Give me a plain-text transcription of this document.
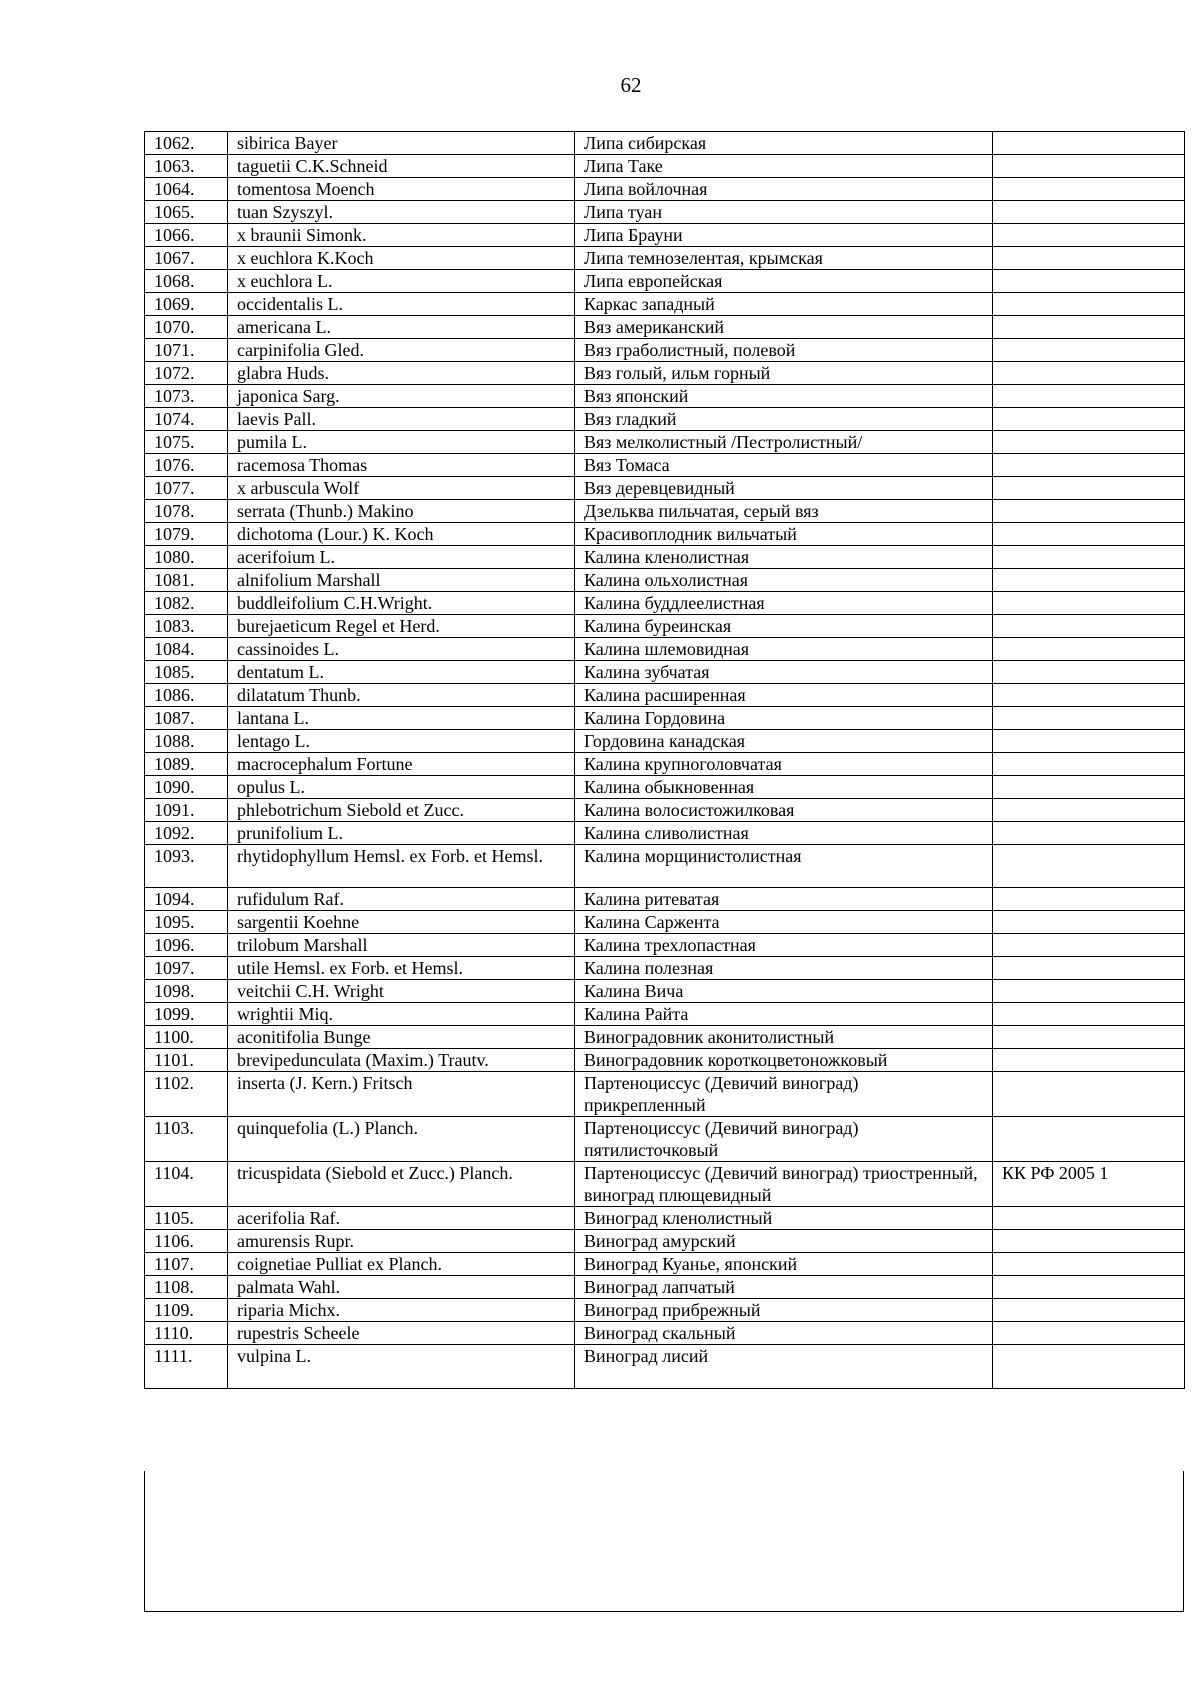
62
1062.	sibirica Bayer	Липа сибирская	
1063.	taguetii C.K.Schneid	Липа Таке	
1064.	tomentosa Moench	Липа войлочная	
1065.	tuan Szyszyl.	Липа туан	
1066.	x braunii Simonk.	Липа Брауни	
1067.	x euchlora K.Koch	Липа темнозелентая, крымская	
1068.	x euchlora L.	Липа европейская	
1069.	occidentalis L.	Каркас западный	
1070.	americana L.	Вяз американский	
1071.	carpinifolia Gled.	Вяз граболистный, полевой	
1072.	glabra Huds.	Вяз голый, ильм горный	
1073.	japonica Sarg.	Вяз японский	
1074.	laevis Pall.	Вяз гладкий	
1075.	pumila L.	Вяз мелколистный /Пестролистный/	
1076.	racemosa Thomas	Вяз Томаса	
1077.	x arbuscula Wolf	Вяз деревцевидный	
1078.	serrata (Thunb.) Makino	Дзельква пильчатая, серый вяз	
1079.	dichotoma (Lour.) K. Koch	Красивоплодник вильчатый	
1080.	acerifoium L.	Калина кленолистная	
1081.	alnifolium Marshall	Калина ольхолистная	
1082.	buddleifolium C.H.Wright.	Калина буддлеелистная	
1083.	burejaeticum Regel et Herd.	Калина буреинская	
1084.	cassinoides L.	Калина шлемовидная	
1085.	dentatum L.	Калина зубчатая	
1086.	dilatatum Thunb.	Калина расширенная	
1087.	lantana L.	Калина Гордовина	
1088.	lentago L.	Гордовина канадская	
1089.	macrocephalum Fortune	Калина крупноголовчатая	
1090.	opulus L.	Калина обыкновенная	
1091.	phlebotrichum Siebold et Zucc.	Калина волосистожилковая	
1092.	prunifolium L.	Калина сливолистная	
1093.	rhytidophyllum Hemsl. ex Forb. et Hemsl.	Калина морщинистолистная	
1094.	rufidulum Raf.	Калина ритеватая	
1095.	sargentii Koehne	Калина Саржента	
1096.	trilobum Marshall	Калина трехлопастная	
1097.	utile Hemsl. ex Forb. et Hemsl.	Калина полезная	
1098.	veitchii C.H. Wright	Калина Вича	
1099.	wrightii Miq.	Калина Райта	
1100.	aconitifolia Bunge	Виноградовник аконитолистный	
1101.	brevipedunculata (Maxim.) Trautv.	Виноградовник короткоцветоножковый	
1102.	inserta (J. Kern.) Fritsch	Партеноциссус (Девичий виноград) прикрепленный	
1103.	quinquefolia (L.) Planch.	Партеноциссус (Девичий виноград) пятилисточковый	
1104.	tricuspidata (Siebold et Zucc.) Planch.	Партеноциссус (Девичий виноград) триостренный, виноград плющевидный	КК РФ 2005 1
1105.	acerifolia Raf.	Виноград кленолистный	
1106.	amurensis Rupr.	Виноград амурский	
1107.	coignetiae Pulliat ex Planch.	Виноград Куанье, японский	
1108.	palmata Wahl.	Виноград лапчатый	
1109.	riparia Michx.	Виноград прибрежный	
1110.	rupestris Scheele	Виноград скальный	
1111.	vulpina L.	Виноград лисий	
